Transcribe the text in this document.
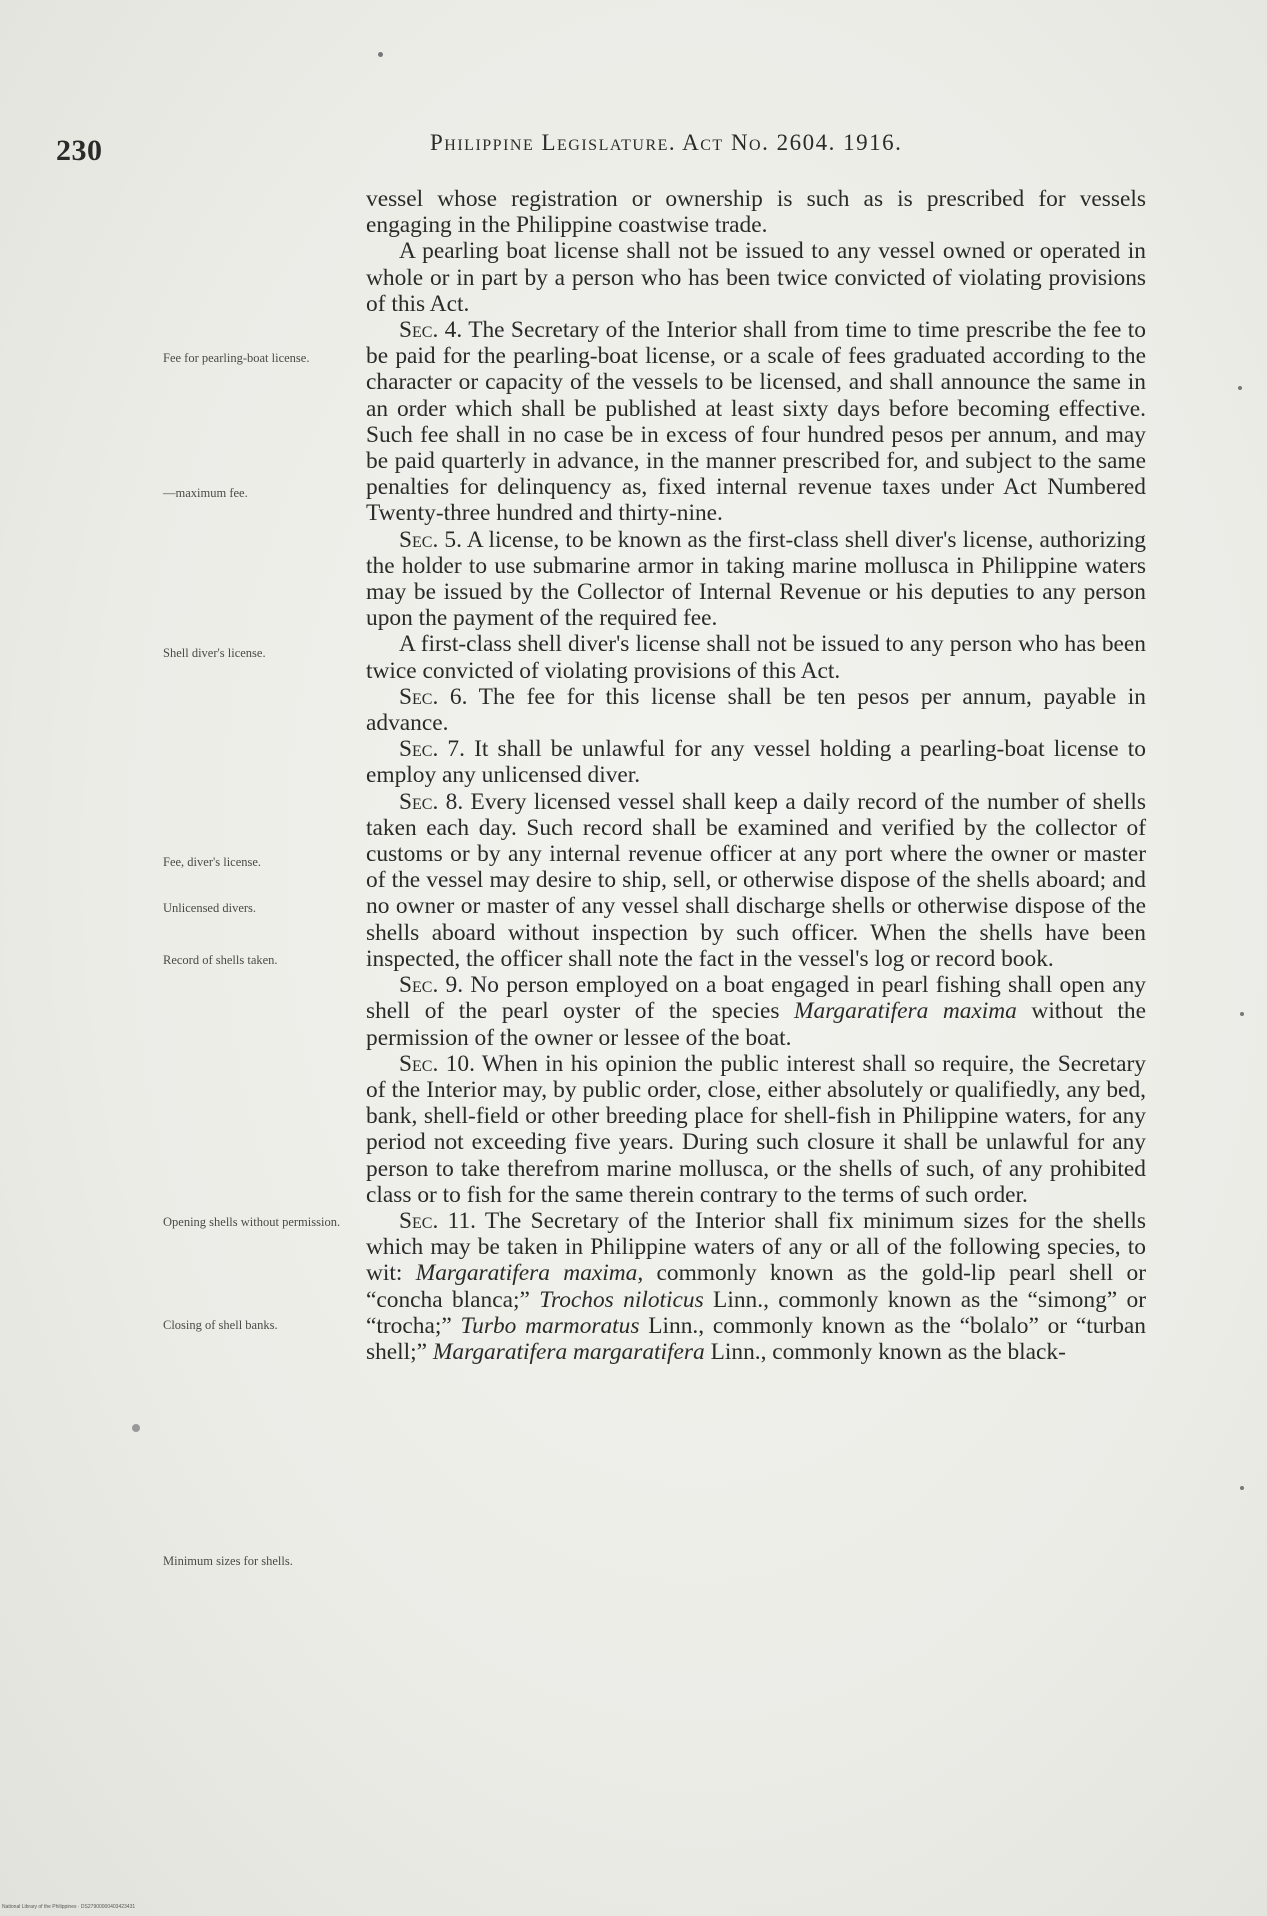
230	Philippine Legislature. Act No. 2604. 1916.

vessel whose registration or ownership is such as is prescribed for vessels engaging in the Philippine coastwise trade.

A pearling boat license shall not be issued to any vessel owned or operated in whole or in part by a person who has been twice convicted of violating provisions of this Act.

Sec. 4. The Secretary of the Interior shall from time to time prescribe the fee to be paid for the pearling-boat license, or a scale of fees graduated according to the character or capacity of the vessels to be licensed, and shall announce the same in an order which shall be published at least sixty days before becoming effective. Such fee shall in no case be in excess of four hundred pesos per annum, and may be paid quarterly in advance, in the manner prescribed for, and subject to the same penalties for delinquency as, fixed internal revenue taxes under Act Numbered Twenty-three hundred and thirty-nine.

Sec. 5. A license, to be known as the first-class shell diver's license, authorizing the holder to use submarine armor in taking marine mollusca in Philippine waters may be issued by the Collector of Internal Revenue or his deputies to any person upon the payment of the required fee.

A first-class shell diver's license shall not be issued to any person who has been twice convicted of violating provisions of this Act.

Sec. 6. The fee for this license shall be ten pesos per annum, payable in advance.

Sec. 7. It shall be unlawful for any vessel holding a pearling-boat license to employ any unlicensed diver.

Sec. 8. Every licensed vessel shall keep a daily record of the number of shells taken each day. Such record shall be examined and verified by the collector of customs or by any internal revenue officer at any port where the owner or master of the vessel may desire to ship, sell, or otherwise dispose of the shells aboard; and no owner or master of any vessel shall discharge shells or otherwise dispose of the shells aboard without inspection by such officer. When the shells have been inspected, the officer shall note the fact in the vessel's log or record book.

Sec. 9. No person employed on a boat engaged in pearl fishing shall open any shell of the pearl oyster of the species Margaratifera maxima without the permission of the owner or lessee of the boat.

Sec. 10. When in his opinion the public interest shall so require, the Secretary of the Interior may, by public order, close, either absolutely or qualifiedly, any bed, bank, shell-field or other breeding place for shell-fish in Philippine waters, for any period not exceeding five years. During such closure it shall be unlawful for any person to take therefrom marine mollusca, or the shells of such, of any prohibited class or to fish for the same therein contrary to the terms of such order.

Sec. 11. The Secretary of the Interior shall fix minimum sizes for the shells which may be taken in Philippine waters of any or all of the following species, to wit: Margaratifera maxima, commonly known as the gold-lip pearl shell or “concha blanca;” Trochos niloticus Linn., commonly known as the “simong” or “trocha;” Turbo marmoratus Linn., commonly known as the “bolalo” or “turban shell;” Margaratifera margaratifera Linn., commonly known as the black-

Fee for pearling-boat license.
—maximum fee.
Shell diver's license.
Fee, diver's license.
Unlicensed divers.
Record of shells taken.
Opening shells without permission.
Closing of shell banks.
Minimum sizes for shells.
National Library of the Philippines · DS27900000403423431
